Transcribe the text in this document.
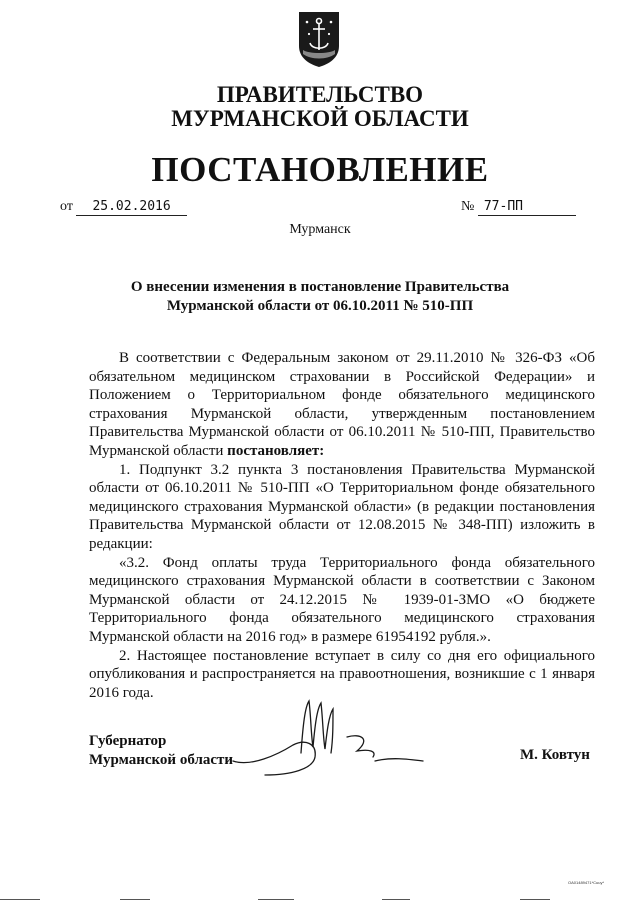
ПРАВИТЕЛЬСТВО
МУРМАНСКОЙ ОБЛАСТИ
ПОСТАНОВЛЕНИЕ
от 25.02.2016	№ 77-ПП
Мурманск
О внесении изменения в постановление Правительства
Мурманской области от 06.10.2011 № 510-ПП

В соответствии с Федеральным законом от 29.11.2010 № 326-ФЗ «Об обязательном медицинском страховании в Российской Федерации» и Положением о Территориальном фонде обязательного медицинского страхования Мурманской области, утвержденным постановлением Правительства Мурманской области от 06.10.2011 № 510-ПП, Правительство Мурманской области постановляет:

1. Подпункт 3.2 пункта 3 постановления Правительства Мурманской области от 06.10.2011 № 510-ПП «О Территориальном фонде обязательного медицинского страхования Мурманской области» (в редакции постановления Правительства Мурманской области от 12.08.2015 № 348-ПП) изложить в редакции:

«3.2. Фонд оплаты труда Территориального фонда обязательного медицинского страхования Мурманской области в соответствии с Законом Мурманской области от 24.12.2015 № 1939-01-ЗМО «О бюджете Территориального фонда обязательного медицинского страхования Мурманской области на 2016 год» в размере 61954192 рубля.».

2. Настоящее постановление вступает в силу со дня его официального опубликования и распространяется на правоотношения, возникшие с 1 января 2016 года.

Губернатор
Мурманской области	М. Ковтун
OA01489471*Cuuy*
